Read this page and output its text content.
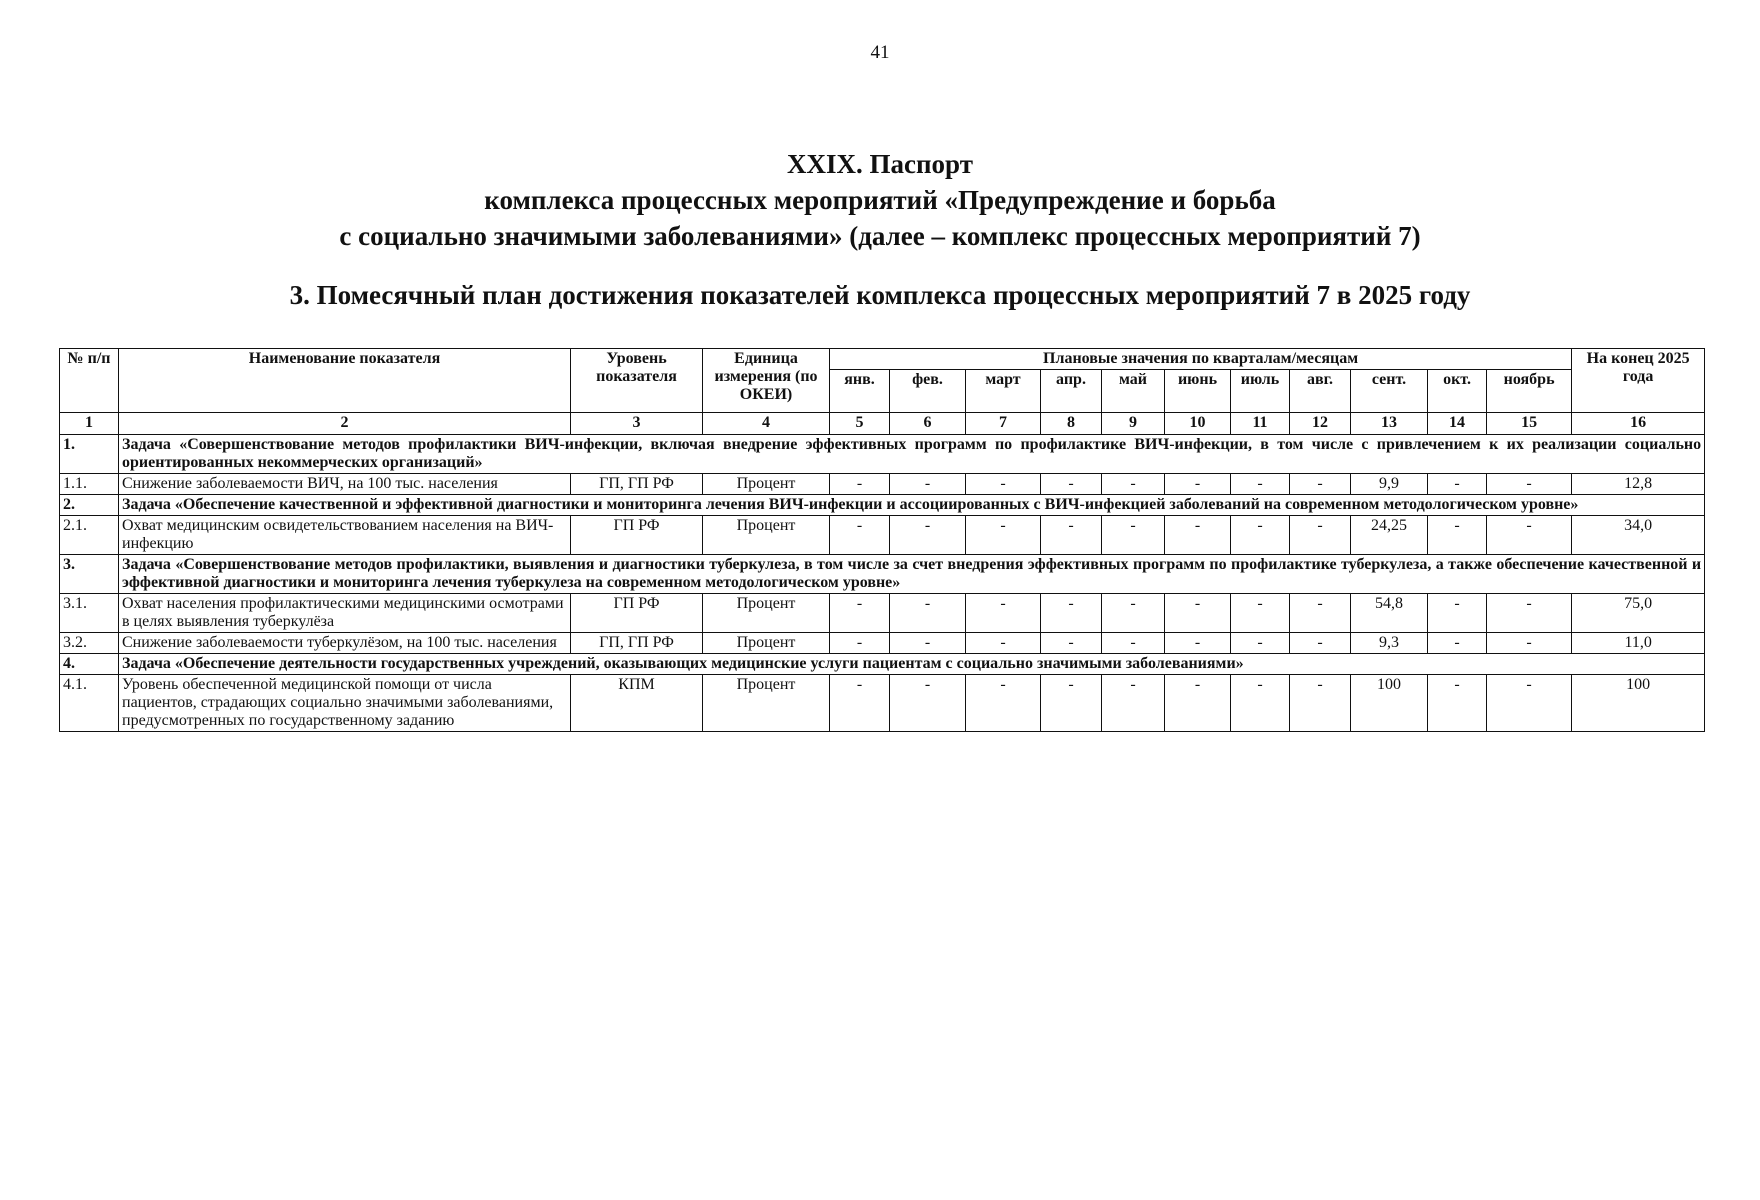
41
XXIX. Паспорт
комплекса процессных мероприятий «Предупреждение и борьба
с социально значимыми заболеваниями» (далее – комплекс процессных мероприятий 7)
3. Помесячный план достижения показателей комплекса процессных мероприятий 7 в 2025 году
№ п/п	Наименование показателя	Уровень показателя	Единица измерения (по ОКЕИ)	Плановые значения по кварталам/месяцам											На конец 2025 года
				янв.	фев.	март	апр.	май	июнь	июль	авг.	сент.	окт.	ноябрь	
1	2	3	4	5	6	7	8	9	10	11	12	13	14	15	16
1.	Задача «Совершенствование методов профилактики ВИЧ-инфекции, включая внедрение эффективных программ по профилактике ВИЧ-инфекции, в том числе с привлечением к их реализации социально ориентированных некоммерческих организаций»														
1.1.	Снижение заболеваемости ВИЧ, на 100 тыс. населения	ГП, ГП РФ	Процент	-	-	-	-	-	-	-	-	9,9	-	-	12,8
2.	Задача «Обеспечение качественной и эффективной диагностики и мониторинга лечения ВИЧ-инфекции и ассоциированных с ВИЧ-инфекцией заболеваний на современном методологическом уровне»														
2.1.	Охват медицинским освидетельствованием населения на ВИЧ-инфекцию	ГП РФ	Процент	-	-	-	-	-	-	-	-	24,25	-	-	34,0
3.	Задача «Совершенствование методов профилактики, выявления и диагностики туберкулеза, в том числе за счет внедрения эффективных программ по профилактике туберкулеза, а также обеспечение качественной и эффективной диагностики и мониторинга лечения туберкулеза на современном методологическом уровне»														
3.1.	Охват населения профилактическими медицинскими осмотрами в целях выявления туберкулёза	ГП РФ	Процент	-	-	-	-	-	-	-	-	54,8	-	-	75,0
3.2.	Снижение заболеваемости туберкулёзом, на 100 тыс. населения	ГП, ГП РФ	Процент	-	-	-	-	-	-	-	-	9,3	-	-	11,0
4.	Задача «Обеспечение деятельности государственных учреждений, оказывающих медицинские услуги пациентам с социально значимыми заболеваниями»														
4.1.	Уровень обеспеченной медицинской помощи от числа пациентов, страдающих социально значимыми заболеваниями, предусмотренных по государственному заданию	КПМ	Процент	-	-	-	-	-	-	-	-	100	-	-	100
